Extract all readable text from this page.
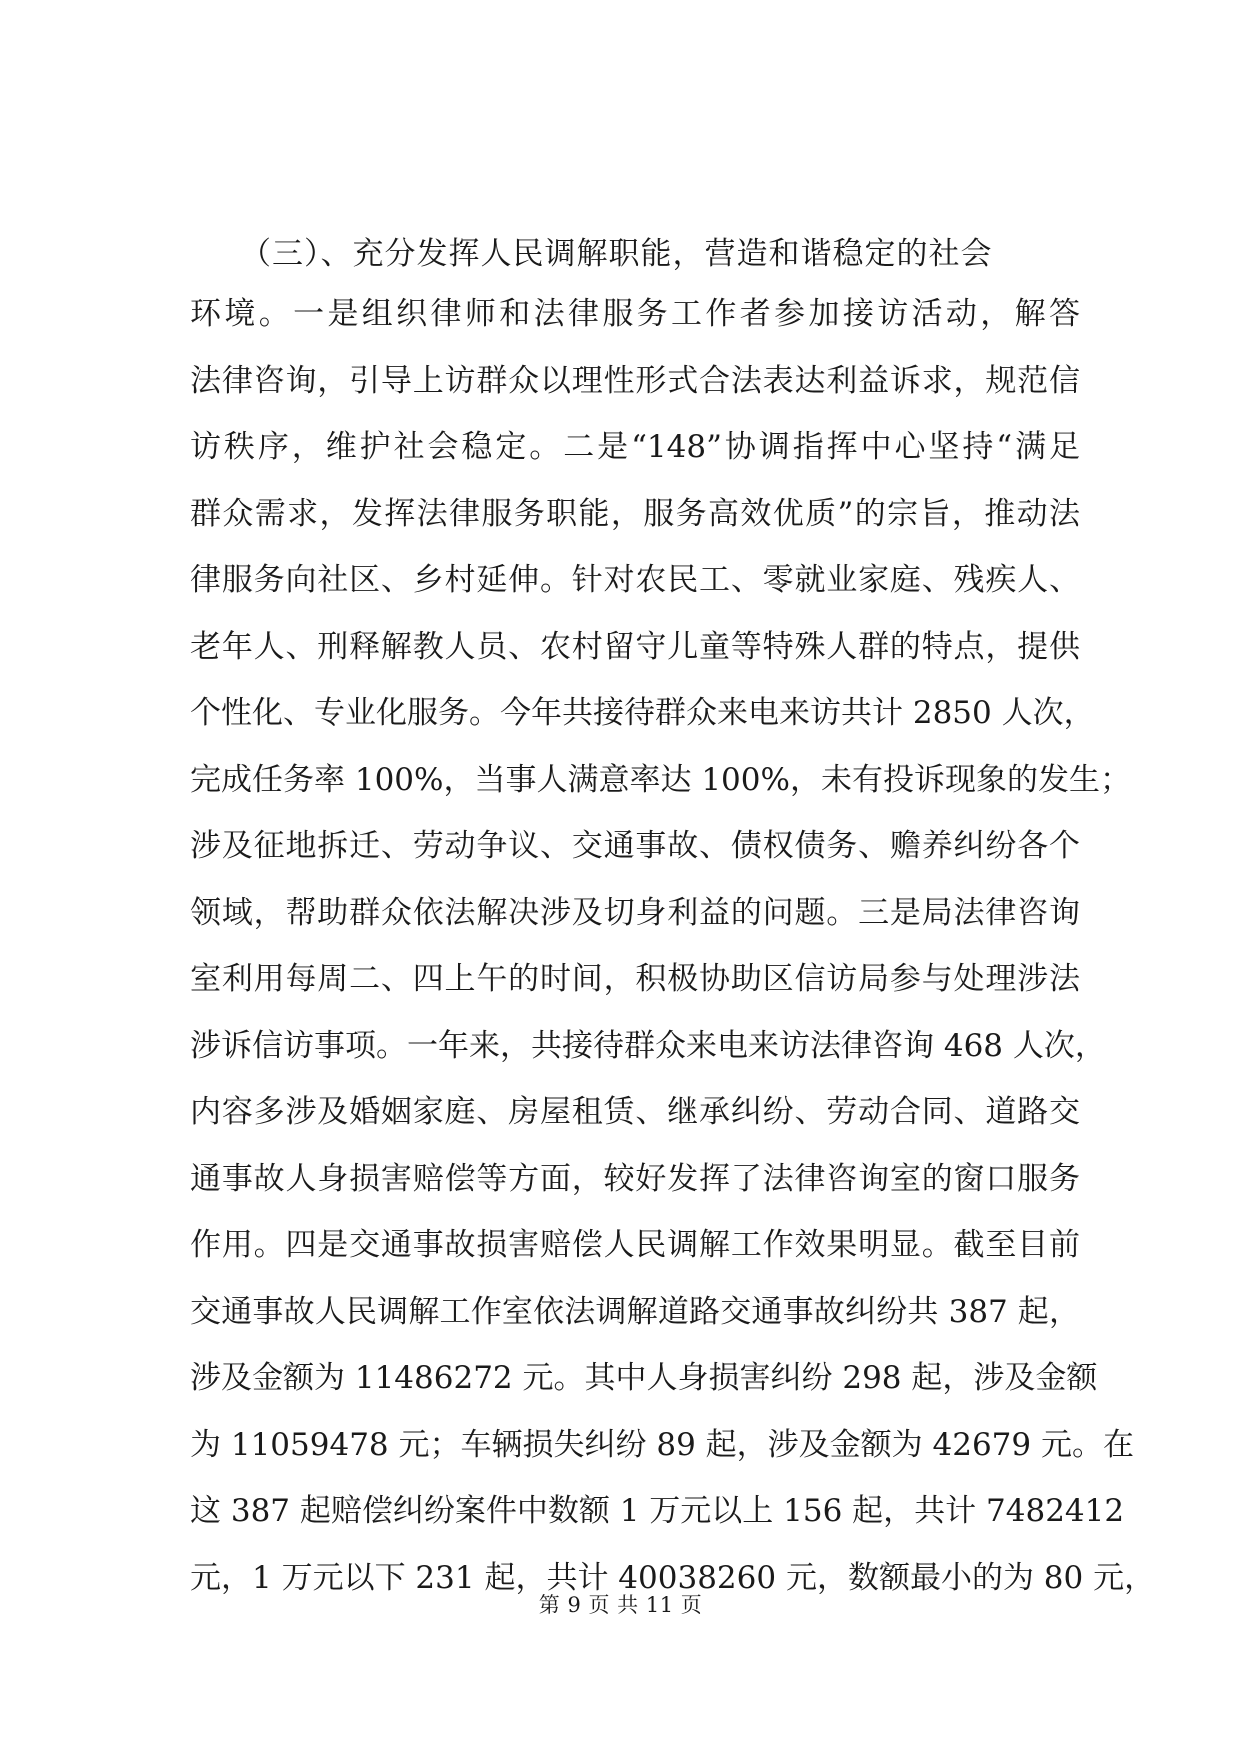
（三）、充分发挥人民调解职能，营造和谐稳定的社会
环境。一是组织律师和法律服务工作者参加接访活动，解答
法律咨询，引导上访群众以理性形式合法表达利益诉求，规范信
访秩序，维护社会稳定。二是“148”协调指挥中心坚持“满足
群众需求，发挥法律服务职能，服务高效优质”的宗旨，推动法
律服务向社区、乡村延伸。针对农民工、零就业家庭、残疾人、
老年人、刑释解教人员、农村留守儿童等特殊人群的特点，提供
个性化、专业化服务。今年共接待群众来电来访共计 2850 人次，
完成任务率 100%，当事人满意率达 100%，未有投诉现象的发生；
涉及征地拆迁、劳动争议、交通事故、债权债务、赡养纠纷各个
领域，帮助群众依法解决涉及切身利益的问题。三是局法律咨询
室利用每周二、四上午的时间，积极协助区信访局参与处理涉法
涉诉信访事项。一年来，共接待群众来电来访法律咨询 468 人次，
内容多涉及婚姻家庭、房屋租赁、继承纠纷、劳动合同、道路交
通事故人身损害赔偿等方面，较好发挥了法律咨询室的窗口服务
作用。四是交通事故损害赔偿人民调解工作效果明显。截至目前
交通事故人民调解工作室依法调解道路交通事故纠纷共 387 起，
涉及金额为 11486272 元。其中人身损害纠纷 298 起，涉及金额
为 11059478 元；车辆损失纠纷 89 起，涉及金额为 42679 元。在
这 387 起赔偿纠纷案件中数额 1 万元以上 156 起，共计 7482412
元，1 万元以下 231 起，共计 40038260 元，数额最小的为 80 元，
第 9 页 共 11 页
